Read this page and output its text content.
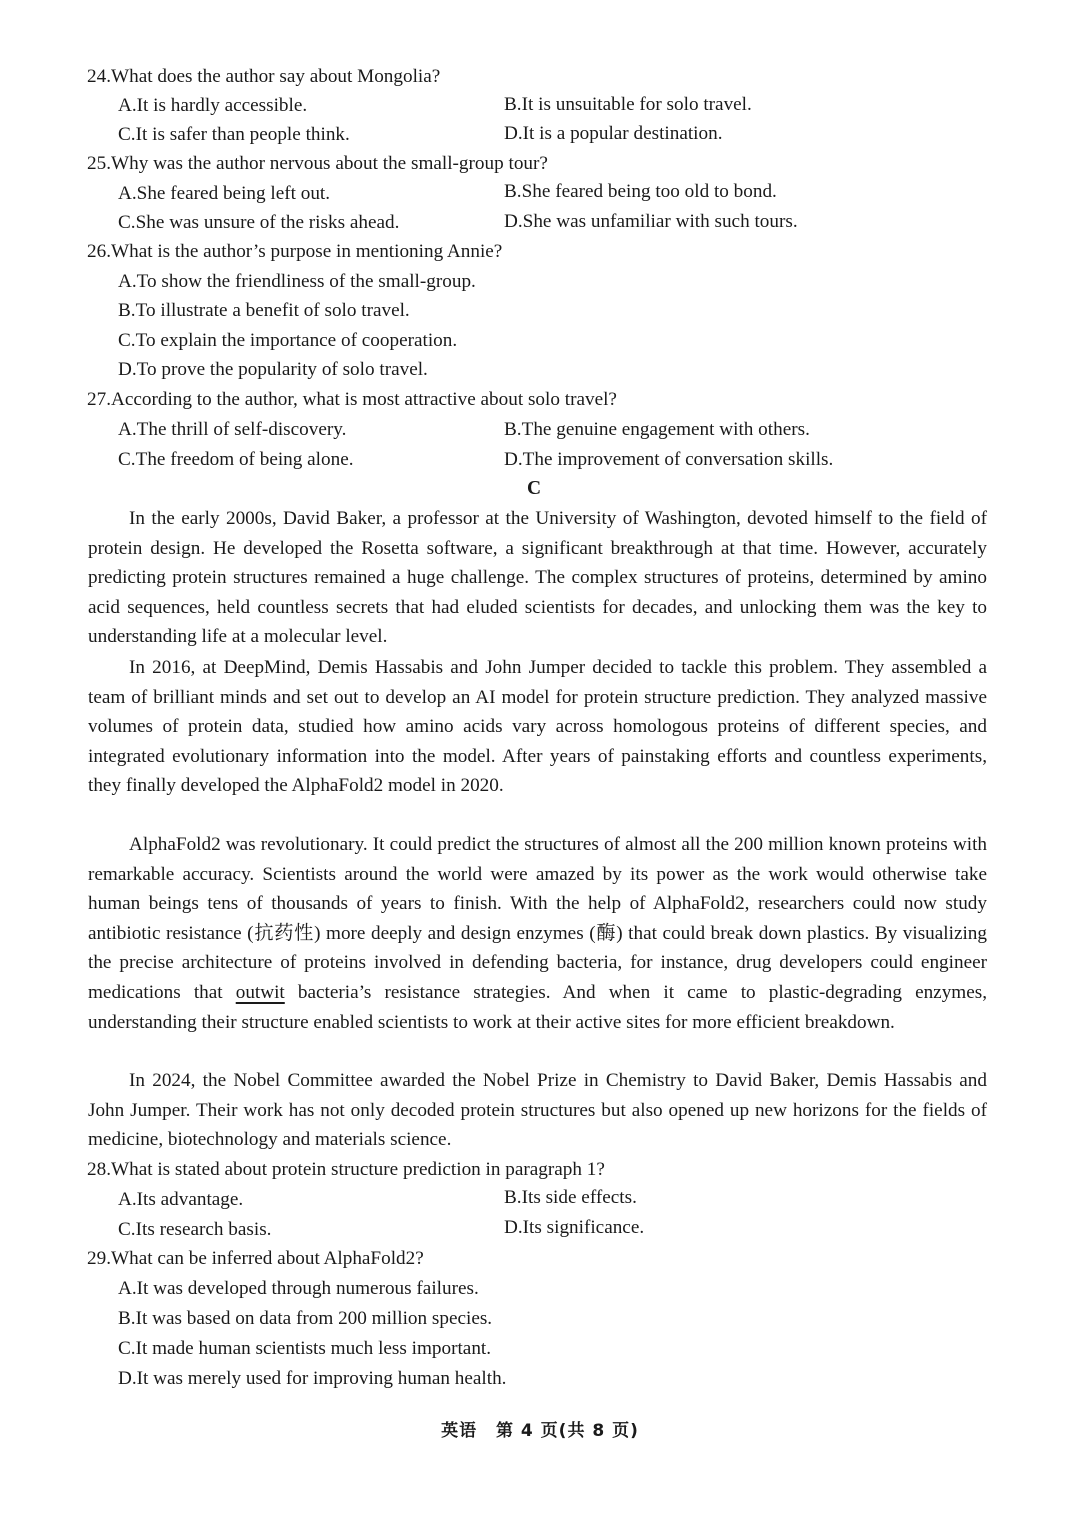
24.What does the author say about Mongolia?
A.It is hardly accessible.	B.It is unsuitable for solo travel.
C.It is safer than people think.	D.It is a popular destination.
25.Why was the author nervous about the small-group tour?
A.She feared being left out.	B.She feared being too old to bond.
C.She was unsure of the risks ahead.	D.She was unfamiliar with such tours.
26.What is the author’s purpose in mentioning Annie?
A.To show the friendliness of the small-group.
B.To illustrate a benefit of solo travel.
C.To explain the importance of cooperation.
D.To prove the popularity of solo travel.
27.According to the author, what is most attractive about solo travel?
A.The thrill of self-discovery.	B.The genuine engagement with others.
C.The freedom of being alone.	D.The improvement of conversation skills.
C
In the early 2000s, David Baker, a professor at the University of Washington, devoted himself to the field of protein design. He developed the Rosetta software, a significant breakthrough at that time. However, accurately predicting protein structures remained a huge challenge. The complex structures of proteins, determined by amino acid sequences, held countless secrets that had eluded scientists for decades, and unlocking them was the key to understanding life at a molecular level.
In 2016, at DeepMind, Demis Hassabis and John Jumper decided to tackle this problem. They assembled a team of brilliant minds and set out to develop an AI model for protein structure prediction. They analyzed massive volumes of protein data, studied how amino acids vary across homologous proteins of different species, and integrated evolutionary information into the model. After years of painstaking efforts and countless experiments, they finally developed the AlphaFold2 model in 2020.
AlphaFold2 was revolutionary. It could predict the structures of almost all the 200 million known proteins with remarkable accuracy. Scientists around the world were amazed by its power as the work would otherwise take human beings tens of thousands of years to finish. With the help of AlphaFold2, researchers could now study antibiotic resistance (抗药性) more deeply and design enzymes (酶) that could break down plastics. By visualizing the precise architecture of proteins involved in defending bacteria, for instance, drug developers could engineer medications that outwit bacteria’s resistance strategies. And when it came to plastic-degrading enzymes, understanding their structure enabled scientists to work at their active sites for more efficient breakdown.
In 2024, the Nobel Committee awarded the Nobel Prize in Chemistry to David Baker, Demis Hassabis and John Jumper. Their work has not only decoded protein structures but also opened up new horizons for the fields of medicine, biotechnology and materials science.
28.What is stated about protein structure prediction in paragraph 1?
A.Its advantage.	B.Its side effects.
C.Its research basis.	D.Its significance.
29.What can be inferred about AlphaFold2?
A.It was developed through numerous failures.
B.It was based on data from 200 million species.
C.It made human scientists much less important.
D.It was merely used for improving human health.
英语 第 4 页(共 8 页)
